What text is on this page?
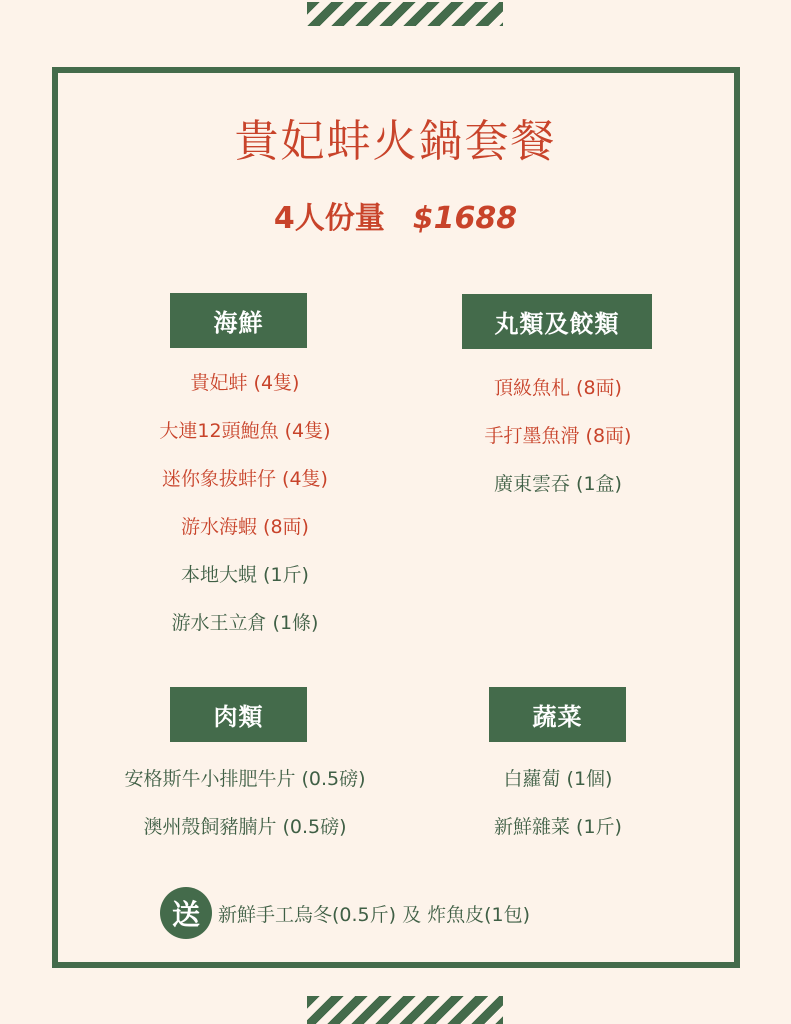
貴妃蚌火鍋套餐
4人份量 $1688
海鮮
貴妃蚌 (4隻)
大連12頭鮑魚 (4隻)
迷你象拔蚌仔 (4隻)
游水海蝦 (8両)
本地大蜆 (1斤)
游水王立倉 (1條)
丸類及餃類
頂級魚札 (8両)
手打墨魚滑 (8両)
廣東雲吞 (1盒)
肉類
安格斯牛小排肥牛片 (0.5磅)
澳州殼飼豬腩片 (0.5磅)
蔬菜
白蘿蔔 (1個)
新鮮雜菜 (1斤)
送 新鮮手工烏冬(0.5斤) 及 炸魚皮(1包)
